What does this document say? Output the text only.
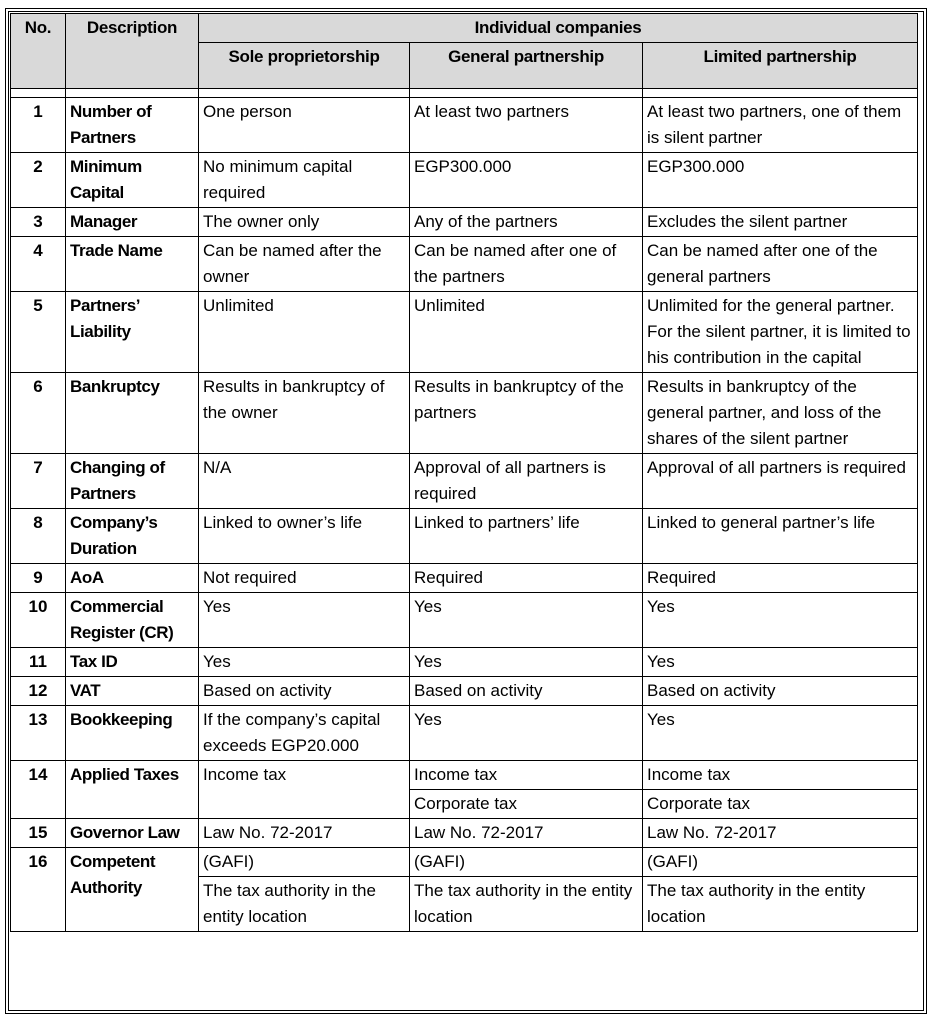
No.	Description	Individual companies		
		Sole proprietorship	General partnership	Limited partnership

1	Number of Partners	One person	At least two partners	At least two partners, one of them is silent partner
2	Minimum Capital	No minimum capital required	EGP300.000	EGP300.000
3	Manager	The owner only	Any of the partners	Excludes the silent partner
4	Trade Name	Can be named after the owner	Can be named after one of the partners	Can be named after one of the general partners
5	Partners’ Liability	Unlimited	Unlimited	Unlimited for the general partner. For the silent partner, it is limited to his contribution in the capital
6	Bankruptcy	Results in bankruptcy of the owner	Results in bankruptcy of the partners	Results in bankruptcy of the general partner, and loss of the shares of the silent partner
7	Changing of Partners	N/A	Approval of all partners is required	Approval of all partners is required
8	Company’s Duration	Linked to owner’s life	Linked to partners’ life	Linked to general partner’s life
9	AoA	Not required	Required	Required
10	Commercial Register (CR)	Yes	Yes	Yes
11	Tax ID	Yes	Yes	Yes
12	VAT	Based on activity	Based on activity	Based on activity
13	Bookkeeping	If the company’s capital exceeds EGP20.000	Yes	Yes
14	Applied Taxes	Income tax	Income tax	Income tax
			Corporate tax	Corporate tax
15	Governor Law	Law No. 72-2017	Law No. 72-2017	Law No. 72-2017
16	Competent Authority	(GAFI)	(GAFI)	(GAFI)
		The tax authority in the entity location	The tax authority in the entity location	The tax authority in the entity location
